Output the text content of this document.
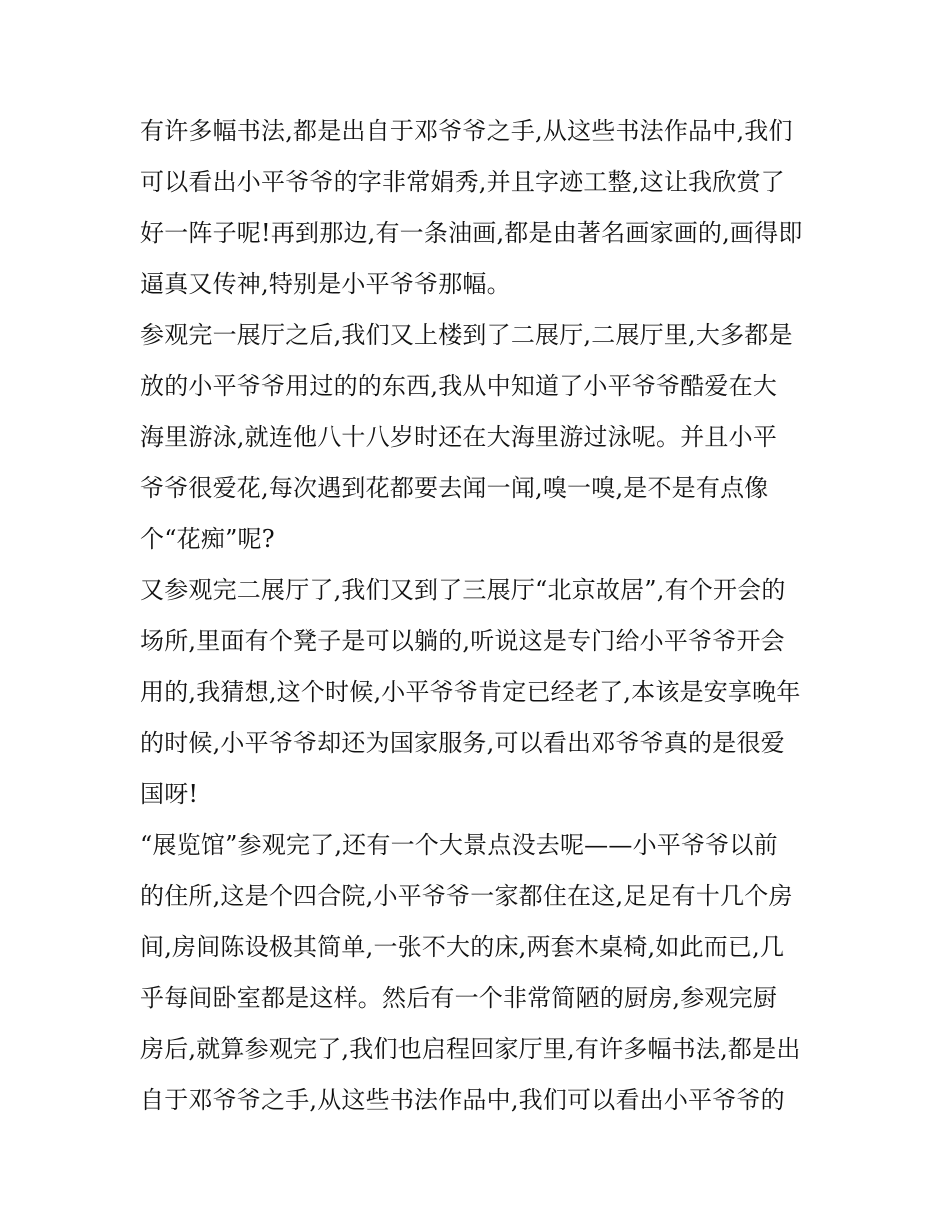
有许多幅书法,都是出自于邓爷爷之手,从这些书法作品中,我们
可以看出小平爷爷的字非常娟秀,并且字迹工整,这让我欣赏了
好一阵子呢!再到那边,有一条油画,都是由著名画家画的,画得即
逼真又传神,特别是小平爷爷那幅。
参观完一展厅之后,我们又上楼到了二展厅,二展厅里,大多都是
放的小平爷爷用过的的东西,我从中知道了小平爷爷酷爱在大
海里游泳,就连他八十八岁时还在大海里游过泳呢。并且小平
爷爷很爱花,每次遇到花都要去闻一闻,嗅一嗅,是不是有点像
个“花痴”呢?
又参观完二展厅了,我们又到了三展厅“北京故居”,有个开会的
场所,里面有个凳子是可以躺的,听说这是专门给小平爷爷开会
用的,我猜想,这个时候,小平爷爷肯定已经老了,本该是安享晚年
的时候,小平爷爷却还为国家服务,可以看出邓爷爷真的是很爱
国呀!
“展览馆”参观完了,还有一个大景点没去呢——小平爷爷以前
的住所,这是个四合院,小平爷爷一家都住在这,足足有十几个房
间,房间陈设极其简单,一张不大的床,两套木桌椅,如此而已,几
乎每间卧室都是这样。然后有一个非常简陋的厨房,参观完厨
房后,就算参观完了,我们也启程回家厅里,有许多幅书法,都是出
自于邓爷爷之手,从这些书法作品中,我们可以看出小平爷爷的
